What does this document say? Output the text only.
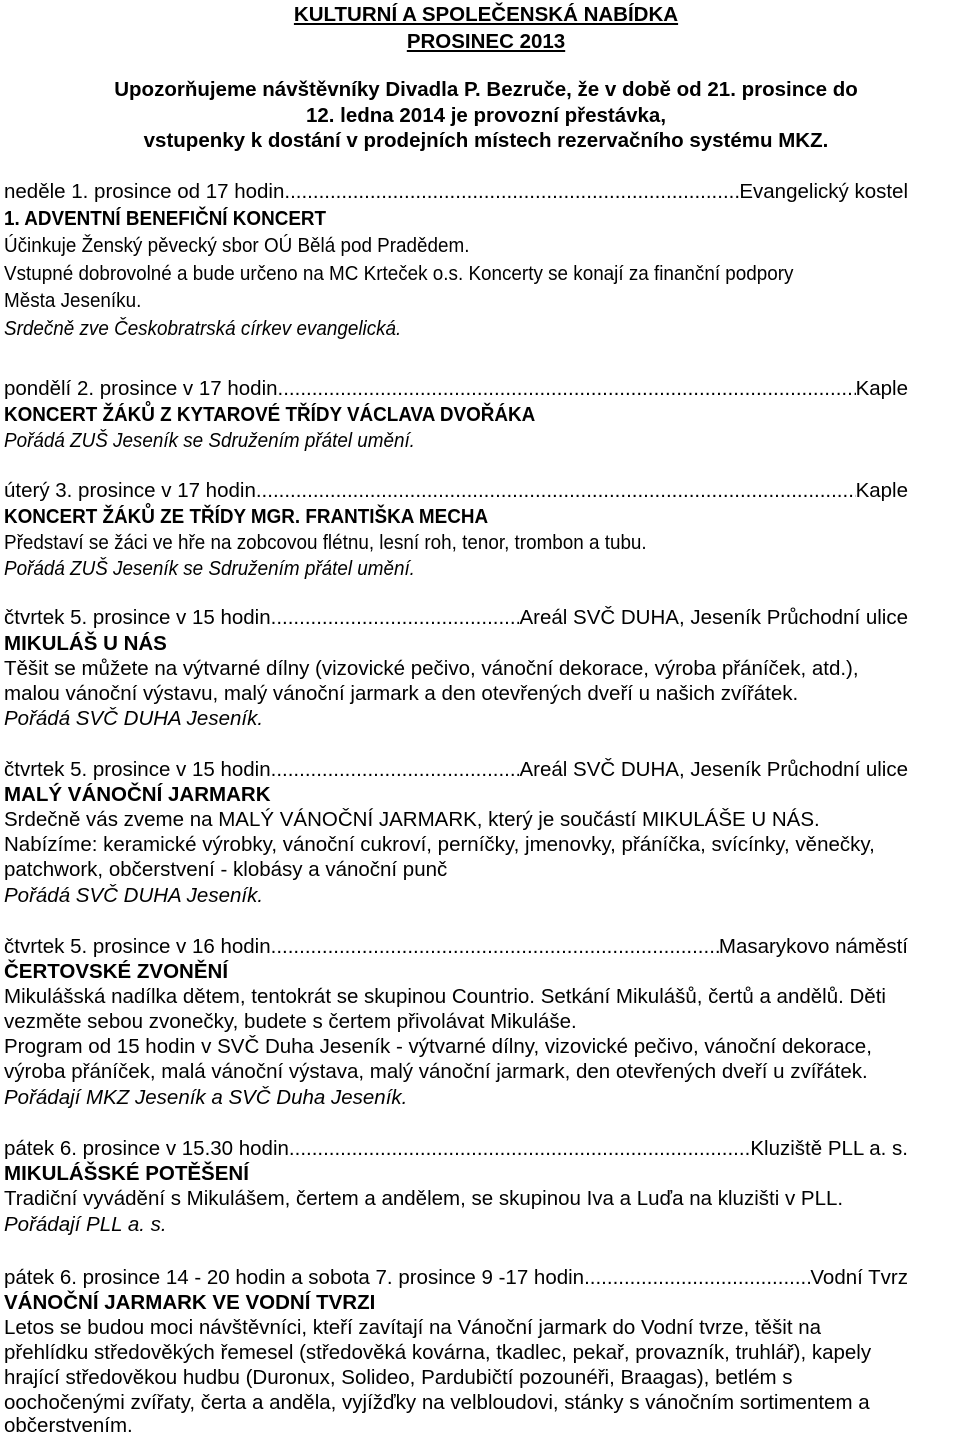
KULTURNÍ A SPOLEČENSKÁ NABÍDKA
PROSINEC 2013
Upozorňujeme návštěvníky Divadla P. Bezruče, že v době od 21. prosince do
12. ledna 2014 je provozní přestávka,
vstupenky k dostání v prodejních místech rezervačního systému MKZ.
neděle 1. prosince od 17 hodin .....	Evangelický kostel
1. ADVENTNÍ BENEFIČNÍ KONCERT
Účinkuje Ženský pěvecký sbor OÚ Bělá pod Pradědem.
Vstupné dobrovolné a bude určeno na MC Krteček o.s. Koncerty se konají za finanční podpory
Města Jeseníku.
Srdečně zve Českobratrská církev evangelická.
pondělí 2. prosince v 17 hodin .....	Kaple
KONCERT ŽÁKŮ Z KYTAROVÉ TŘÍDY VÁCLAVA DVOŘÁKA
Pořádá ZUŠ Jeseník se Sdružením přátel umění.
úterý 3. prosince v 17 hodin .....	Kaple
KONCERT ŽÁKŮ ZE TŘÍDY MGR. FRANTIŠKA MECHA
Představí se žáci ve hře na zobcovou flétnu, lesní roh, tenor, trombon a tubu.
Pořádá ZUŠ Jeseník se Sdružením přátel umění.
čtvrtek 5. prosince v 15 hodin .....	Areál SVČ DUHA, Jeseník Průchodní ulice
MIKULÁŠ U NÁS
Těšit se můžete na výtvarné dílny (vizovické pečivo, vánoční dekorace, výroba přáníček, atd.),
malou vánoční výstavu, malý vánoční jarmark a den otevřených dveří u našich zvířátek.
Pořádá SVČ DUHA Jeseník.
čtvrtek 5. prosince v 15 hodin .....	Areál SVČ DUHA, Jeseník Průchodní ulice
MALÝ VÁNOČNÍ JARMARK
Srdečně vás zveme na MALÝ VÁNOČNÍ JARMARK, který je součástí MIKULÁŠE U NÁS.
Nabízíme: keramické výrobky, vánoční cukroví, perníčky, jmenovky, přáníčka, svícínky, věnečky,
patchwork, občerstvení - klobásy a vánoční punč
Pořádá SVČ DUHA Jeseník.
čtvrtek 5. prosince v 16 hodin .....	Masarykovo náměstí
ČERTOVSKÉ ZVONĚNÍ
Mikulášská nadílka dětem, tentokrát se skupinou Countrio. Setkání Mikulášů, čertů a andělů. Děti
vezměte sebou zvonečky, budete s čertem přivolávat Mikuláše.
Program od 15 hodin v SVČ Duha Jeseník - výtvarné dílny, vizovické pečivo, vánoční dekorace,
výroba přáníček, malá vánoční výstava, malý vánoční jarmark, den otevřených dveří u zvířátek.
Pořádají MKZ Jeseník a SVČ Duha Jeseník.
pátek 6. prosince v 15.30 hodin .....	Kluziště PLL a. s.
MIKULÁŠSKÉ POTĚŠENÍ
Tradiční vyvádění s Mikulášem, čertem a andělem, se skupinou Iva a Luďa na kluzišti v PLL.
Pořádají PLL a. s.
pátek 6. prosince 14 - 20 hodin a sobota 7. prosince 9 -17 hodin .....	Vodní Tvrz
VÁNOČNÍ JARMARK VE VODNÍ TVRZI
Letos se budou moci návštěvníci, kteří zavítají na Vánoční jarmark do Vodní tvrze, těšit na
přehlídku středověkých řemesel (středověká kovárna, tkadlec, pekař, provazník, truhlář), kapely
hrající středověkou hudbu (Duronux, Solideo, Pardubičtí pozounéři, Braagas), betlém s
oochočenými zvířaty, čerta a anděla, vyjížďky na velbloudovi, stánky s vánočním sortimentem a
občerstvením.
